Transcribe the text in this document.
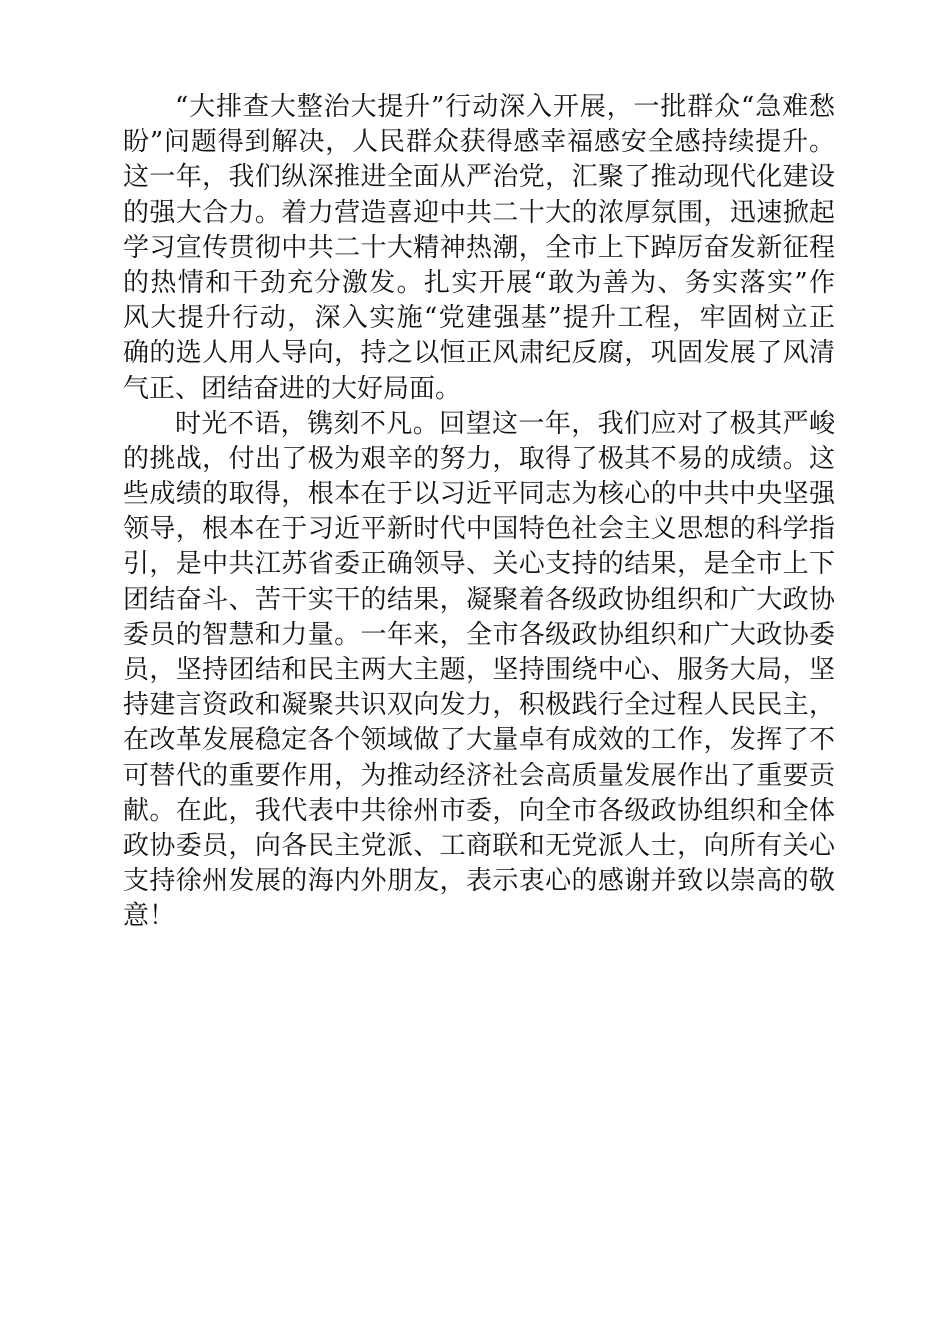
“大排查大整治大提升”行动深入开展，一批群众“急难愁
盼”问题得到解决，人民群众获得感幸福感安全感持续提升。
这一年，我们纵深推进全面从严治党，汇聚了推动现代化建设
的强大合力。着力营造喜迎中共二十大的浓厚氛围，迅速掀起
学习宣传贯彻中共二十大精神热潮，全市上下踔厉奋发新征程
的热情和干劲充分激发。扎实开展“敢为善为、务实落实”作
风大提升行动，深入实施“党建强基”提升工程，牢固树立正
确的选人用人导向，持之以恒正风肃纪反腐，巩固发展了风清
气正、团结奋进的大好局面。
时光不语，镌刻不凡。回望这一年，我们应对了极其严峻
的挑战，付出了极为艰辛的努力，取得了极其不易的成绩。这
些成绩的取得，根本在于以习近平同志为核心的中共中央坚强
领导，根本在于习近平新时代中国特色社会主义思想的科学指
引，是中共江苏省委正确领导、关心支持的结果，是全市上下
团结奋斗、苦干实干的结果，凝聚着各级政协组织和广大政协
委员的智慧和力量。一年来，全市各级政协组织和广大政协委
员，坚持团结和民主两大主题，坚持围绕中心、服务大局，坚
持建言资政和凝聚共识双向发力，积极践行全过程人民民主，
在改革发展稳定各个领域做了大量卓有成效的工作，发挥了不
可替代的重要作用，为推动经济社会高质量发展作出了重要贡
献。在此，我代表中共徐州市委，向全市各级政协组织和全体
政协委员，向各民主党派、工商联和无党派人士，向所有关心
支持徐州发展的海内外朋友，表示衷心的感谢并致以崇高的敬
意！
